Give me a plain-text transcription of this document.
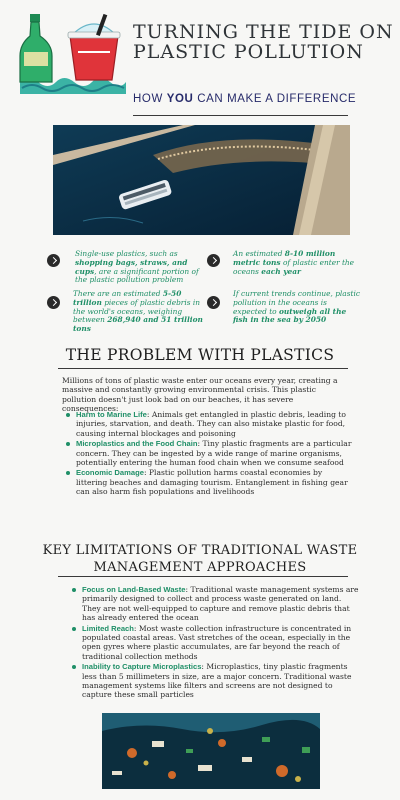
TURNING THE TIDE ON PLASTIC POLLUTION
HOW YOU CAN MAKE A DIFFERENCE
Single-use plastics, such as shopping bags, straws, and cups, are a significant portion of the plastic pollution problem
An estimated 8-10 million metric tons of plastic enter the oceans each year
There are an estimated 5-50 trillion pieces of plastic debris in the world's oceans, weighing between 268,940 and 51 trillion tons
If current trends continue, plastic pollution in the oceans is expected to outweigh all the fish in the sea by 2050
THE PROBLEM WITH PLASTICS
Millions of tons of plastic waste enter our oceans every year, creating a massive and constantly growing environmental crisis. This plastic pollution doesn't just look bad on our beaches, it has severe consequences:
Harm to Marine Life: Animals get entangled in plastic debris, leading to injuries, starvation, and death. They can also mistake plastic for food, causing internal blockages and poisoning
Microplastics and the Food Chain: Tiny plastic fragments are a particular concern. They can be ingested by a wide range of marine organisms, potentially entering the human food chain when we consume seafood
Economic Damage: Plastic pollution harms coastal economies by littering beaches and damaging tourism. Entanglement in fishing gear can also harm fish populations and livelihoods
KEY LIMITATIONS OF TRADITIONAL WASTE MANAGEMENT APPROACHES
Focus on Land-Based Waste: Traditional waste management systems are primarily designed to collect and process waste generated on land. They are not well-equipped to capture and remove plastic debris that has already entered the ocean
Limited Reach: Most waste collection infrastructure is concentrated in populated coastal areas. Vast stretches of the ocean, especially in the open gyres where plastic accumulates, are far beyond the reach of traditional collection methods
Inability to Capture Microplastics: Microplastics, tiny plastic fragments less than 5 millimeters in size, are a major concern. Traditional waste management systems like filters and screens are not designed to capture these small particles
